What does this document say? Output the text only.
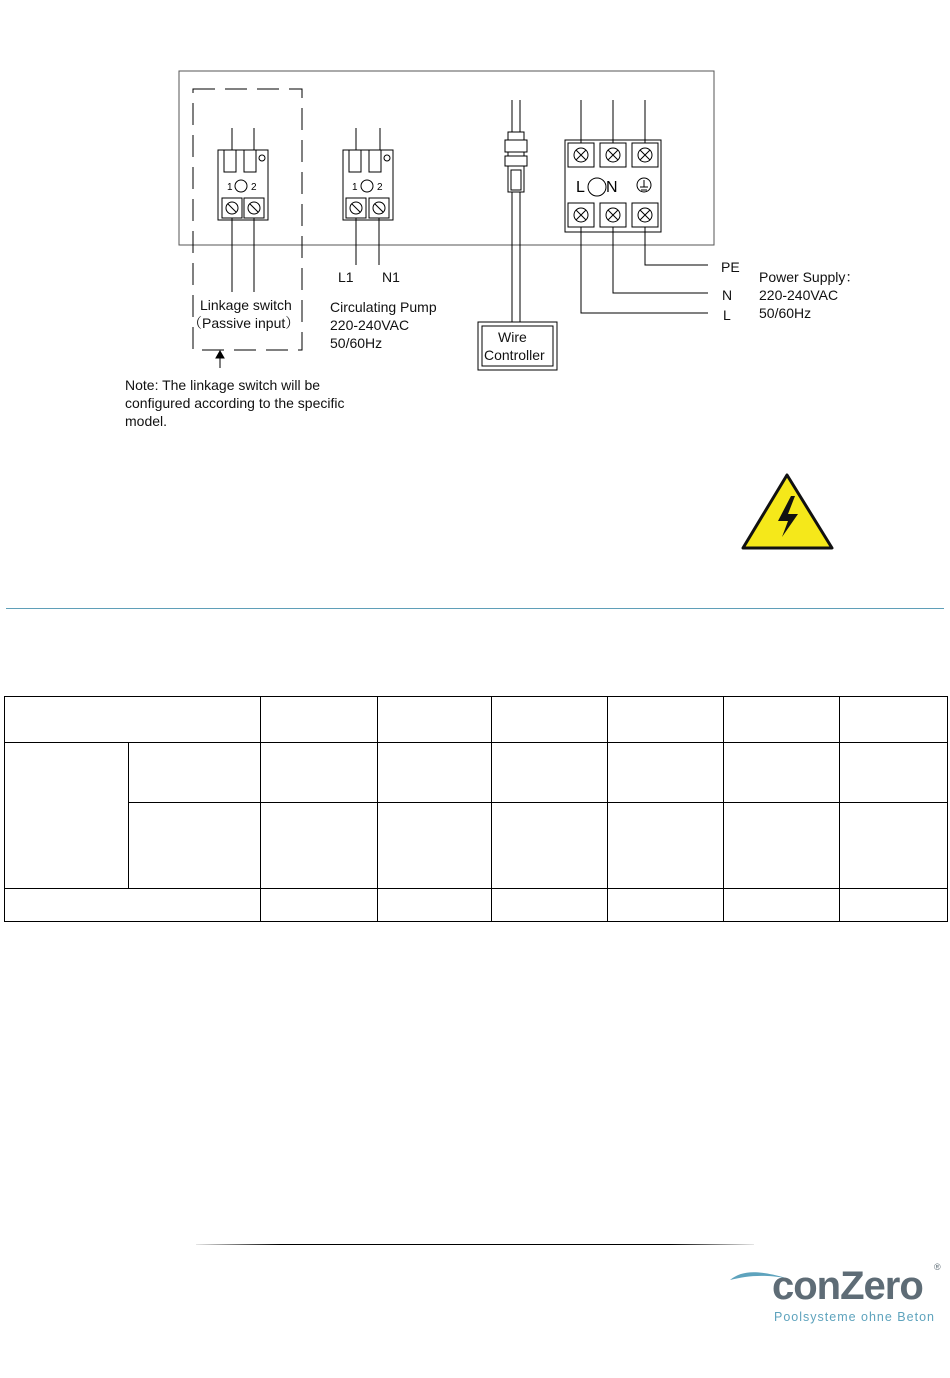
1 2	1 2	L N
Linkage switch
（Passive input）
L1 N1
Circulating Pump
220-240VAC
50/60Hz	Wire
Controller
PE
N
L
Power Supply：
220-240VAC
50/60Hz
Note: The linkage switch will be
configured according to the specific
model.

conZero ®
Poolsysteme ohne Beton
